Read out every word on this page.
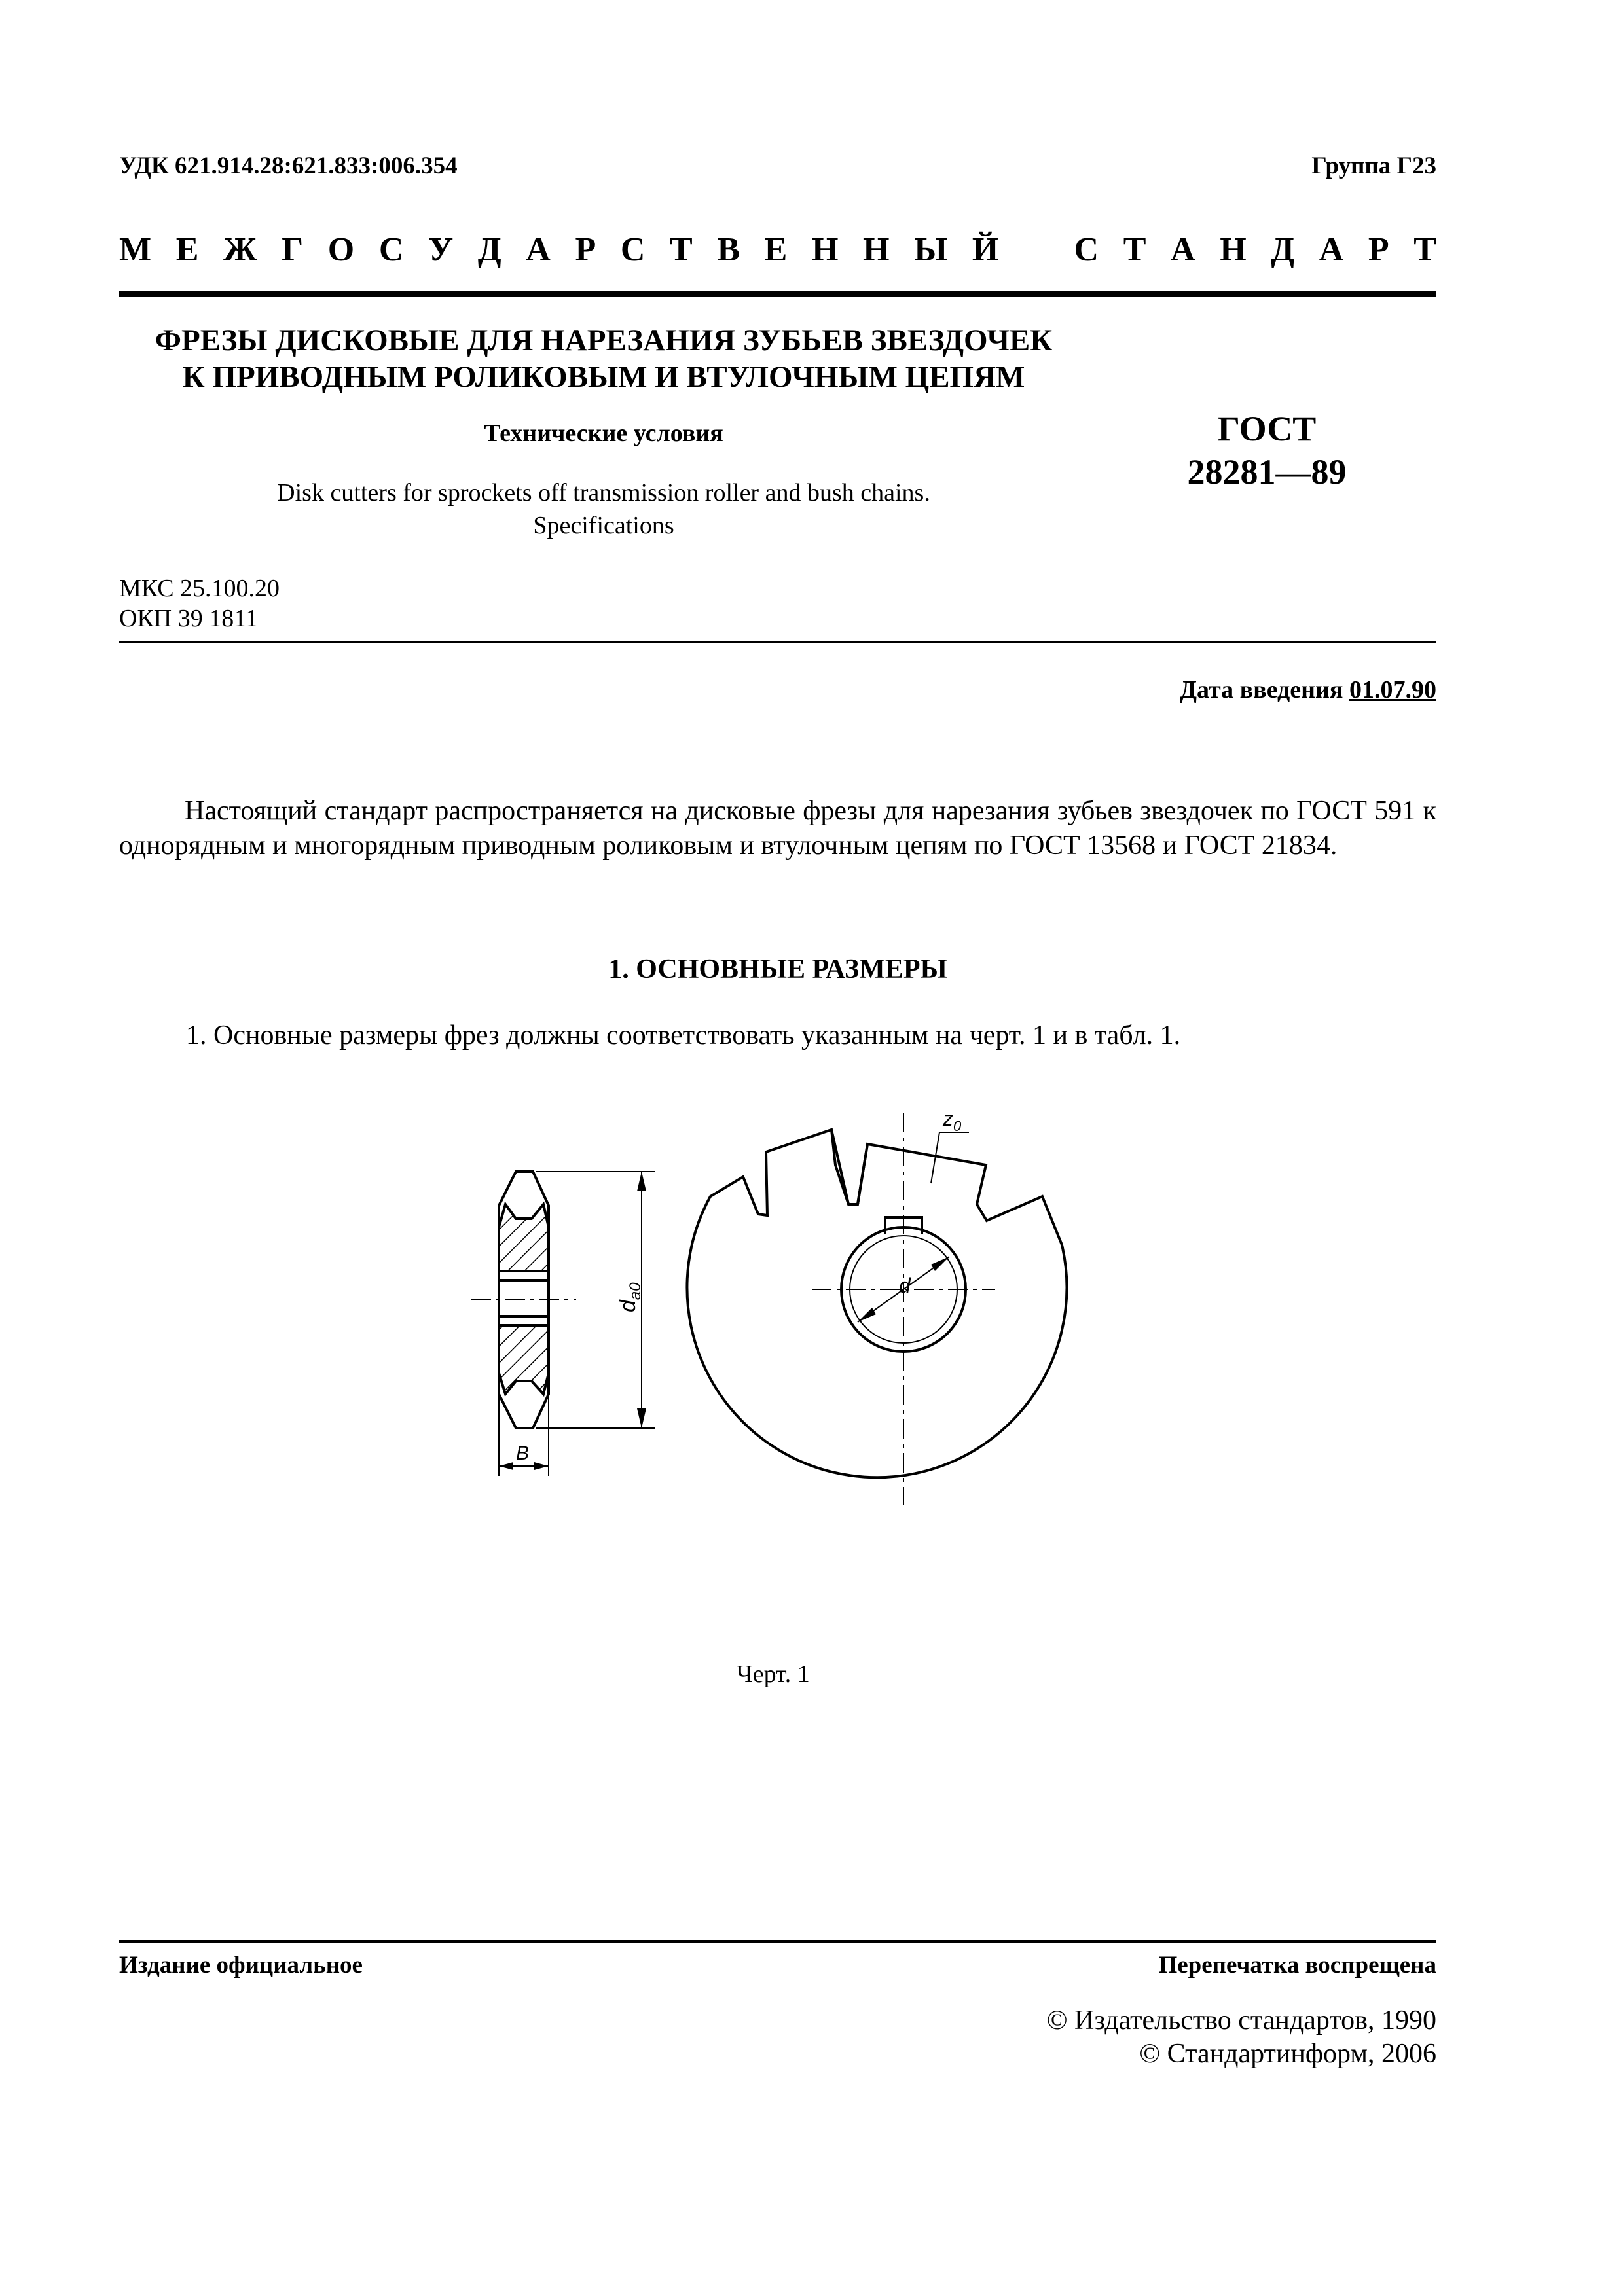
УДК 621.914.28:621.833:006.354	Группа Г23
М Е Ж Г О С У Д А Р С Т В Е Н Н Ы Й С Т А Н Д А Р Т
ФРЕЗЫ ДИСКОВЫЕ ДЛЯ НАРЕЗАНИЯ ЗУБЬЕВ ЗВЕЗДОЧЕК
К ПРИВОДНЫМ РОЛИКОВЫМ И ВТУЛОЧНЫМ ЦЕПЯМ
Технические условия
Disk cutters for sprockets off transmission roller and bush chains.
Specifications
ГОСТ
28281—89
МКС 25.100.20
ОКП 39 1811
Дата введения 01.07.90
Настоящий стандарт распространяется на дисковые фрезы для нарезания зубьев звездочек по ГОСТ 591 к однорядным и многорядным приводным роликовым и втулочным цепям по ГОСТ 13568 и ГОСТ 21834.
1. ОСНОВНЫЕ РАЗМЕРЫ
1. Основные размеры фрез должны соответствовать указанным на черт. 1 и в табл. 1.
$d_{a0}$
B
d
$z_0$
Черт. 1
Издание официальное	Перепечатка воспрещена
© Издательство стандартов, 1990
© Стандартинформ, 2006
